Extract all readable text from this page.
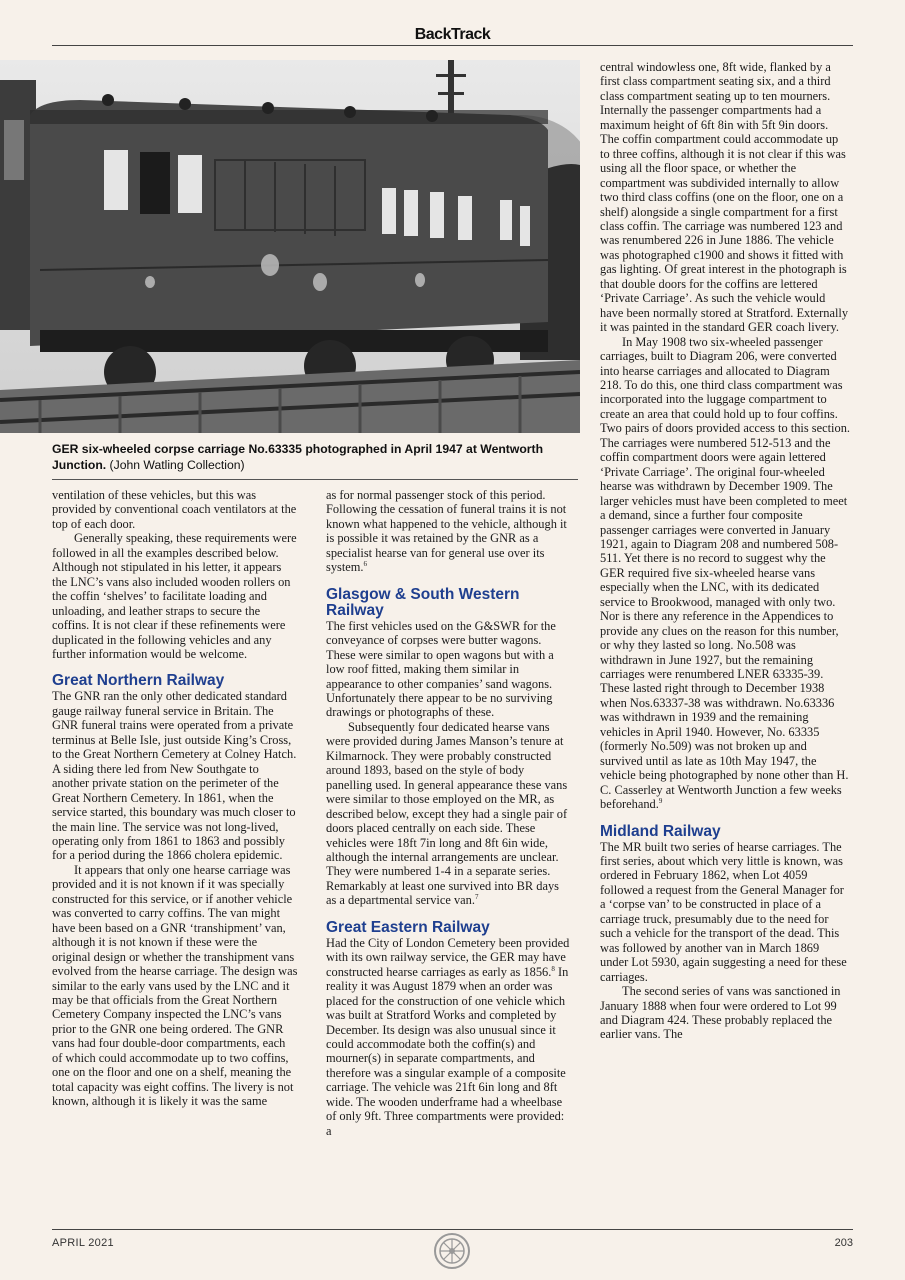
BackTrack
GER six-wheeled corpse carriage No.63335 photographed in April 1947 at Wentworth Junction. (John Watling Collection)

ventilation of these vehicles, but this was provided by conventional coach ventilators at the top of each door.

Generally speaking, these requirements were followed in all the examples described below. Although not stipulated in his letter, it appears the LNC’s vans also included wooden rollers on the coffin ‘shelves’ to facilitate loading and unloading, and leather straps to secure the coffins. It is not clear if these refinements were duplicated in the following vehicles and any further information would be welcome.

Great Northern Railway

The GNR ran the only other dedicated standard gauge railway funeral service in Britain. The GNR funeral trains were operated from a private terminus at Belle Isle, just outside King’s Cross, to the Great Northern Cemetery at Colney Hatch. A siding there led from New Southgate to another private station on the perimeter of the Great Northern Cemetery. In 1861, when the service started, this boundary was much closer to the main line. The service was not long-lived, operating only from 1861 to 1863 and possibly for a period during the 1866 cholera epidemic.

It appears that only one hearse carriage was provided and it is not known if it was specially constructed for this service, or if another vehicle was converted to carry coffins. The van might have been based on a GNR ‘transhipment’ van, although it is not known if these were the original design or whether the transhipment vans evolved from the hearse carriage. The design was similar to the early vans used by the LNC and it may be that officials from the Great Northern Cemetery Company inspected the LNC’s vans prior to the GNR one being ordered. The GNR vans had four double-door compartments, each of which could accommodate up to two coffins, one on the floor and one on a shelf, meaning the total capacity was eight coffins. The livery is not known, although it is likely it was the same

as for normal passenger stock of this period. Following the cessation of funeral trains it is not known what happened to the vehicle, although it is possible it was retained by the GNR as a specialist hearse van for general use over its system.$^6$

Glasgow & South Western Railway

The first vehicles used on the G&SWR for the conveyance of corpses were butter wagons. These were similar to open wagons but with a low roof fitted, making them similar in appearance to other companies’ sand wagons. Unfortunately there appear to be no surviving drawings or photographs of these.

Subsequently four dedicated hearse vans were provided during James Manson’s tenure at Kilmarnock. They were probably constructed around 1893, based on the style of body panelling used. In general appearance these vans were similar to those employed on the MR, as described below, except they had a single pair of doors placed centrally on each side. These vehicles were 18ft 7in long and 8ft 6in wide, although the internal arrangements are unclear. They were numbered 1-4 in a separate series. Remarkably at least one survived into BR days as a departmental service van.$^7$

Great Eastern Railway

Had the City of London Cemetery been provided with its own railway service, the GER may have constructed hearse carriages as early as 1856.$^8$ In reality it was August 1879 when an order was placed for the construction of one vehicle which was built at Stratford Works and completed by December. Its design was also unusual since it could accommodate both the coffin(s) and mourner(s) in separate compartments, and therefore was a singular example of a composite carriage. The vehicle was 21ft 6in long and 8ft wide. The wooden underframe had a wheelbase of only 9ft. Three compartments were provided: a

central windowless one, 8ft wide, flanked by a first class compartment seating six, and a third class compartment seating up to ten mourners. Internally the passenger compartments had a maximum height of 6ft 8in with 5ft 9in doors. The coffin compartment could accommodate up to three coffins, although it is not clear if this was using all the floor space, or whether the compartment was subdivided internally to allow two third class coffins (one on the floor, one on a shelf) alongside a single compartment for a first class coffin. The carriage was numbered 123 and was renumbered 226 in June 1886. The vehicle was photographed c1900 and shows it fitted with gas lighting. Of great interest in the photograph is that double doors for the coffins are lettered ‘Private Carriage’. As such the vehicle would have been normally stored at Stratford. Externally it was painted in the standard GER coach livery.

In May 1908 two six-wheeled passenger carriages, built to Diagram 206, were converted into hearse carriages and allocated to Diagram 218. To do this, one third class compartment was incorporated into the luggage compartment to create an area that could hold up to four coffins. Two pairs of doors provided access to this section. The carriages were numbered 512-513 and the coffin compartment doors were again lettered ‘Private Carriage’. The original four-wheeled hearse was withdrawn by December 1909. The larger vehicles must have been completed to meet a demand, since a further four composite passenger carriages were converted in January 1921, again to Diagram 208 and numbered 508-511. Yet there is no record to suggest why the GER required five six-wheeled hearse vans especially when the LNC, with its dedicated service to Brookwood, managed with only two. Nor is there any reference in the Appendices to provide any clues on the reason for this number, or why they lasted so long. No.508 was withdrawn in June 1927, but the remaining carriages were renumbered LNER 63335-39. These lasted right through to December 1938 when Nos.63337-38 was withdrawn. No.63336 was withdrawn in 1939 and the remaining vehicles in April 1940. However, No. 63335 (formerly No.509) was not broken up and survived until as late as 10th May 1947, the vehicle being photographed by none other than H. C. Casserley at Wentworth Junction a few weeks beforehand.$^9$

Midland Railway

The MR built two series of hearse carriages. The first series, about which very little is known, was ordered in February 1862, when Lot 4059 followed a request from the General Manager for a ‘corpse van’ to be constructed in place of a carriage truck, presumably due to the need for such a vehicle for the transport of the dead. This was followed by another van in March 1869 under Lot 5930, again suggesting a need for these carriages.

The second series of vans was sanctioned in January 1888 when four were ordered to Lot 99 and Diagram 424. These probably replaced the earlier vans. The

APRIL 2021	203
